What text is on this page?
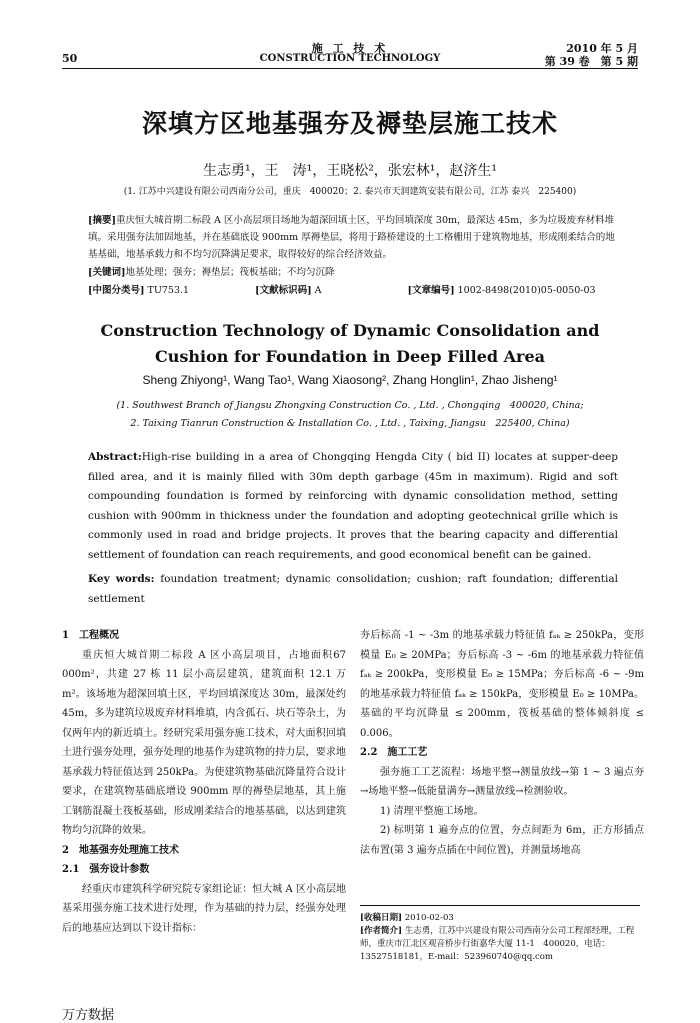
50
施 工 技 术
CONSTRUCTION TECHNOLOGY
2010 年 5 月
第 39 卷　第 5 期
深填方区地基强夯及褥垫层施工技术
生志勇¹，王　涛¹，王晓松²，张宏林¹，赵济生¹
(1. 江苏中兴建设有限公司西南分公司，重庆　400020；2. 泰兴市天润建筑安装有限公司，江苏 泰兴　225400)
[摘要]重庆恒大城首期二标段 A 区小高层项目场地为超深回填土区，平均回填深度 30m，最深达 45m，多为垃圾废弃材料堆填。采用强夯法加固地基，并在基础底设 900mm 厚褥垫层，将用于路桥建设的土工格栅用于建筑物地基，形成刚柔结合的地基基础，地基承载力和不均匀沉降满足要求，取得较好的综合经济效益。
[关键词]地基处理；强夯；褥垫层；筏板基础；不均匀沉降
[中图分类号] TU753.1	[文献标识码] A	[文章编号] 1002-8498(2010)05-0050-03
Construction Technology of Dynamic Consolidation and
Cushion for Foundation in Deep Filled Area
Sheng Zhiyong¹, Wang Tao¹, Wang Xiaosong², Zhang Honglin¹, Zhao Jisheng¹
(1. Southwest Branch of Jiangsu Zhongxing Construction Co. , Ltd. , Chongqing　400020, China;
2. Taixing Tianrun Construction & Installation Co. , Ltd. , Taixing, Jiangsu　225400, China)
Abstract:High-rise building in a area of Chongqing Hengda City ( bid II) locates at supper-deep filled area, and it is mainly filled with 30m depth garbage (45m in maximum). Rigid and soft compounding foundation is formed by reinforcing with dynamic consolidation method, setting cushion with 900mm in thickness under the foundation and adopting geotechnical grille which is commonly used in road and bridge projects. It proves that the bearing capacity and differential settlement of foundation can reach requirements, and good economical benefit can be gained.
Key words: foundation treatment; dynamic consolidation; cushion; raft foundation; differential settlement

1　工程概况

重庆恒大城首期二标段 A 区小高层项目，占地面积67 000m²，共建 27 栋 11 层小高层建筑，建筑面积 12.1 万 m²。该场地为超深回填土区，平均回填深度达 30m，最深处约 45m，多为建筑垃圾废弃材料堆填，内含孤石、块石等杂土，为仅两年内的新近填土。经研究采用强夯施工技术，对大面积回填土进行强夯处理，强夯处理的地基作为建筑物的持力层，要求地基承载力特征值达到 250kPa。为使建筑物基础沉降量符合设计要求，在建筑物基础底增设 900mm 厚的褥垫层地基，其上施工钢筋混凝土筏板基础，形成刚柔结合的地基基础，以达到建筑物均匀沉降的效果。

2　地基强夯处理施工技术

2.1　强夯设计参数

经重庆市建筑科学研究院专家组论证：恒大城 A 区小高层地基采用强夯施工技术进行处理，作为基础的持力层，经强夯处理后的地基应达到以下设计指标：

夯后标高 -1 ~ -3m 的地基承载力特征值 fₐₖ ≥ 250kPa，变形模量 E₀ ≥ 20MPa；夯后标高 -3 ~ -6m 的地基承载力特征值 fₐₖ ≥ 200kPa，变形模量 E₀ ≥ 15MPa；夯后标高 -6 ~ -9m 的地基承载力特征值 fₐₖ ≥ 150kPa，变形模量 E₀ ≥ 10MPa。基础的平均沉降量 ≤ 200mm，筏板基础的整体倾斜度 ≤ 0.006。

2.2　施工工艺

强夯施工工艺流程：场地平整→测量放线→第 1 ~ 3 遍点夯→场地平整→低能量满夯→测量放线→检测验收。

1) 清理平整施工场地。

2) 标明第 1 遍夯点的位置，夯点间距为 6m，正方形插点法布置(第 3 遍夯点插在中间位置)，并测量场地高

[收稿日期] 2010-02-03
[作者简介] 生志勇，江苏中兴建设有限公司西南分公司工程部经理，工程师，重庆市江北区观音桥步行街嘉华大厦 11-1　400020，电话：13527518181，E-mail：523960740@qq.com
万方数据
